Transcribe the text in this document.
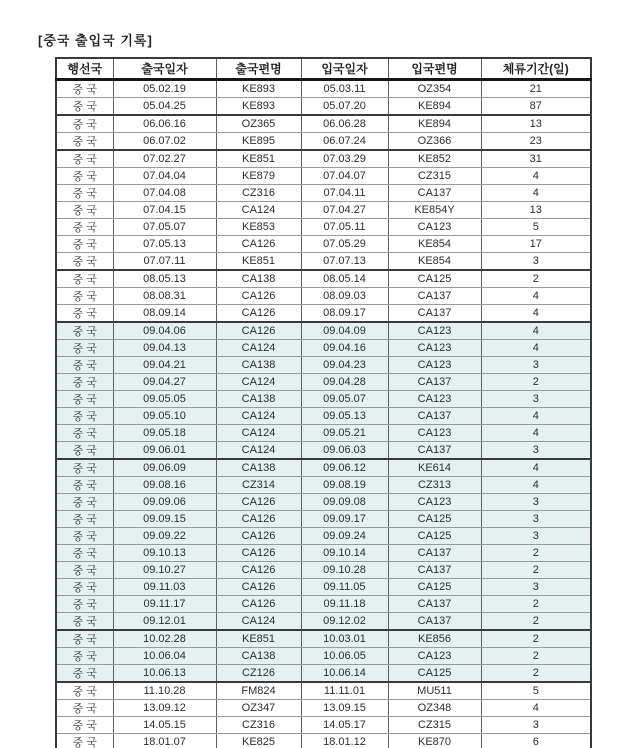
[중국 출입국 기록]
행선국	출국일자	출국편명	입국일자	입국편명	체류기간(일)
중 국	05.02.19	KE893	05.03.11	OZ354	21
중 국	05.04.25	KE893	05.07.20	KE894	87
중 국	06.06.16	OZ365	06.06.28	KE894	13
중 국	06.07.02	KE895	06.07.24	OZ366	23
중 국	07.02.27	KE851	07.03.29	KE852	31
중 국	07.04.04	KE879	07.04.07	CZ315	4
중 국	07.04.08	CZ316	07.04.11	CA137	4
중 국	07.04.15	CA124	07.04.27	KE854Y	13
중 국	07.05.07	KE853	07.05.11	CA123	5
중 국	07.05.13	CA126	07.05.29	KE854	17
중 국	07.07.11	KE851	07.07.13	KE854	3
중 국	08.05.13	CA138	08.05.14	CA125	2
중 국	08.08.31	CA126	08.09.03	CA137	4
중 국	08.09.14	CA126	08.09.17	CA137	4
중 국	09.04.06	CA126	09.04.09	CA123	4
중 국	09.04.13	CA124	09.04.16	CA123	4
중 국	09.04.21	CA138	09.04.23	CA123	3
중 국	09.04.27	CA124	09.04.28	CA137	2
중 국	09.05.05	CA138	09.05.07	CA123	3
중 국	09.05.10	CA124	09.05.13	CA137	4
중 국	09.05.18	CA124	09.05.21	CA123	4
중 국	09.06.01	CA124	09.06.03	CA137	3
중 국	09.06.09	CA138	09.06.12	KE614	4
중 국	09.08.16	CZ314	09.08.19	CZ313	4
중 국	09.09.06	CA126	09.09.08	CA123	3
중 국	09.09.15	CA126	09.09.17	CA125	3
중 국	09.09.22	CA126	09.09.24	CA125	3
중 국	09.10.13	CA126	09.10.14	CA137	2
중 국	09.10.27	CA126	09.10.28	CA137	2
중 국	09.11.03	CA126	09.11.05	CA125	3
중 국	09.11.17	CA126	09.11.18	CA137	2
중 국	09.12.01	CA124	09.12.02	CA137	2
중 국	10.02.28	KE851	10.03.01	KE856	2
중 국	10.06.04	CA138	10.06.05	CA123	2
중 국	10.06.13	CZ126	10.06.14	CA125	2
중 국	11.10.28	FM824	11.11.01	MU511	5
중 국	13.09.12	OZ347	13.09.15	OZ348	4
중 국	14.05.15	CZ316	14.05.17	CZ315	3
중 국	18.01.07	KE825	18.01.12	KE870	6
